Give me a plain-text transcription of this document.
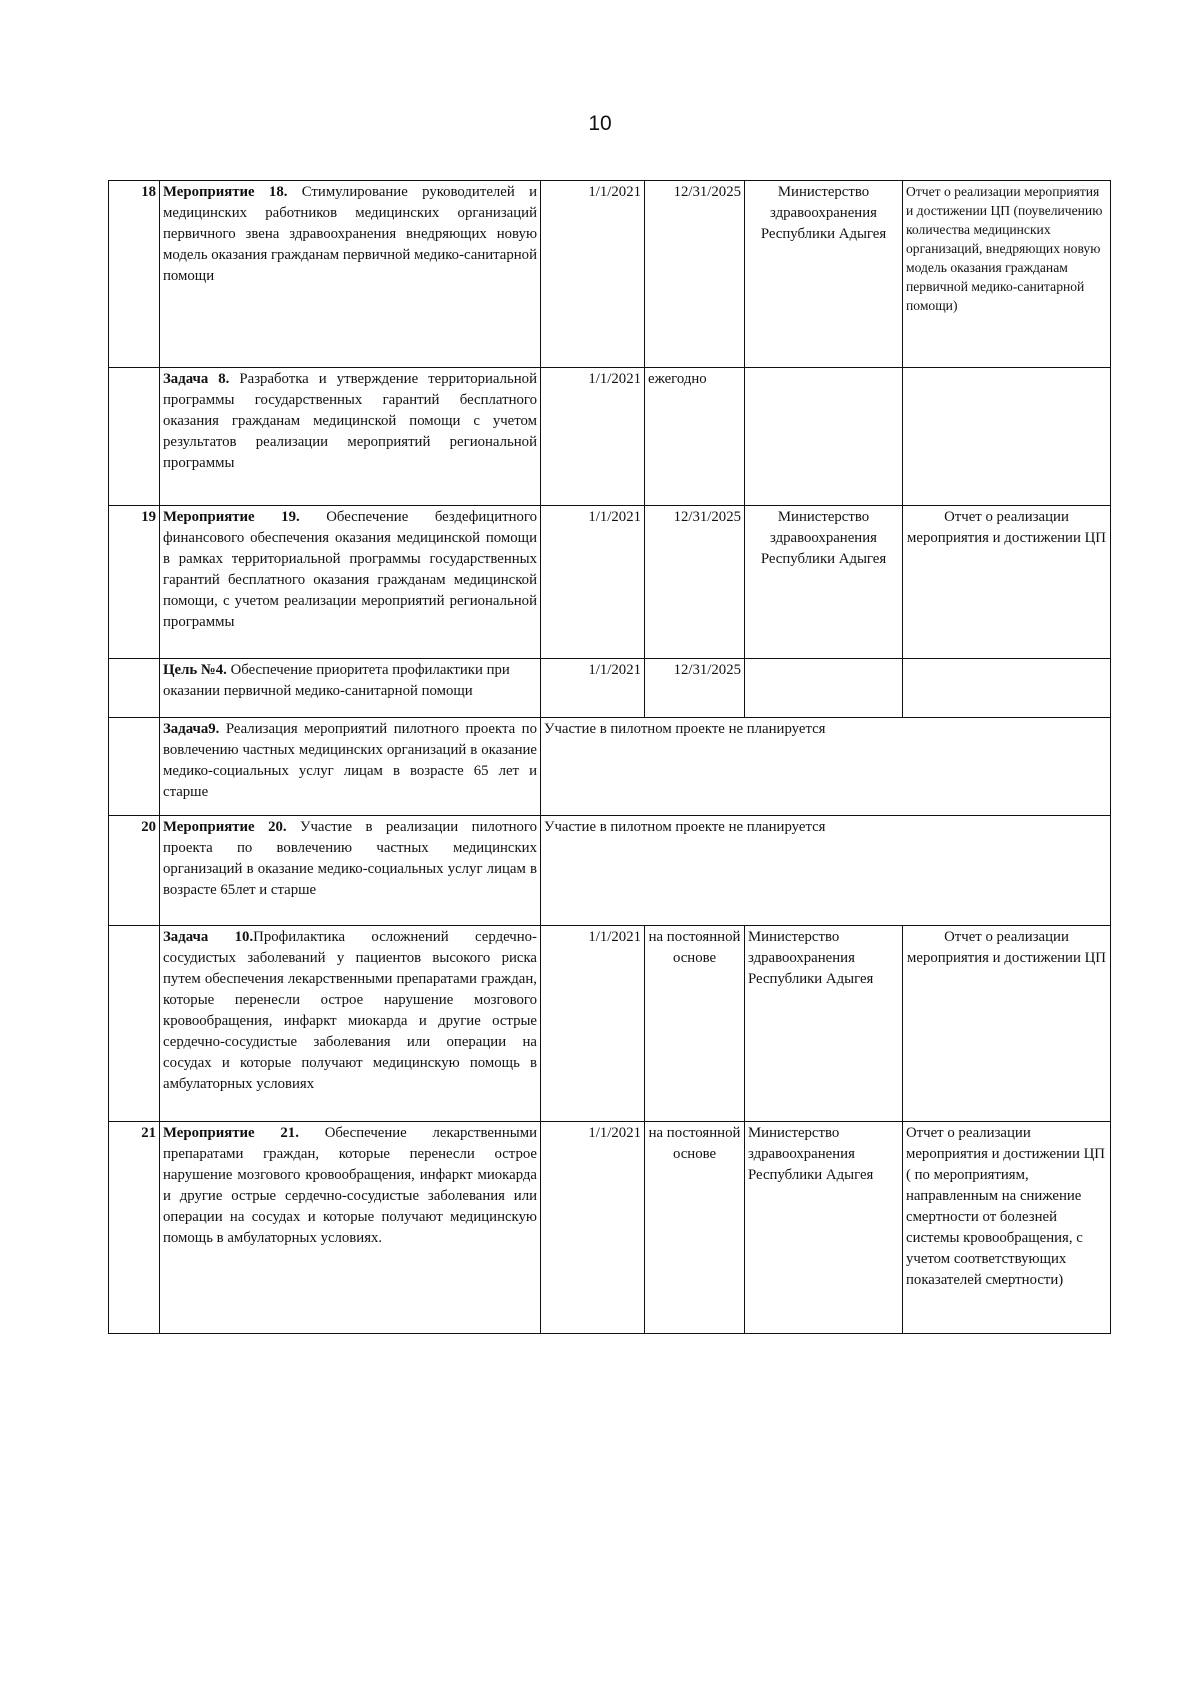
10
18	Мероприятие 18. Стимулирование руководителей и медицинских работников медицинских организаций первичного звена здравоохранения внедряющих новую модель оказания гражданам первичной медико-санитарной помощи	1/1/2021	12/31/2025	Министерство здравоохранения Республики Адыгея	Отчет о реализации мероприятия и достижении ЦП (поувеличению количества медицинских организаций, внедряющих новую модель оказания гражданам первичной медико-санитарной помощи)
	Задача 8. Разработка и утверждение территориальной программы государственных гарантий бесплатного оказания гражданам медицинской помощи с учетом результатов реализации мероприятий региональной программы	1/1/2021	ежегодно		
19	Мероприятие 19. Обеспечение бездефицитного финансового обеспечения оказания медицинской помощи в рамках территориальной программы государственных гарантий бесплатного оказания гражданам медицинской помощи, с учетом реализации мероприятий региональной программы	1/1/2021	12/31/2025	Министерство здравоохранения Республики Адыгея	Отчет о реализации мероприятия и достижении ЦП
	Цель №4. Обеспечение приоритета профилактики при оказании первичной медико-санитарной помощи	1/1/2021	12/31/2025		
	Задача9. Реализация мероприятий пилотного проекта по вовлечению частных медицинских организаций в оказание медико-социальных услуг лицам в возрасте 65 лет и старше	Участие в пилотном проекте не планируется			
20	Мероприятие 20. Участие в реализации пилотного проекта по вовлечению частных медицинских организаций в оказание медико-социальных услуг лицам в возрасте 65лет и старше	Участие в пилотном проекте не планируется			
	Задача 10.Профилактика осложнений сердечно-сосудистых заболеваний у пациентов высокого риска путем обеспечения лекарственными препаратами граждан, которые перенесли острое нарушение мозгового кровообращения, инфаркт миокарда и другие острые сердечно-сосудистые заболевания или операции на сосудах и которые получают медицинскую помощь в амбулаторных условиях	1/1/2021	на постоянной основе	Министерство здравоохранения Республики Адыгея	Отчет о реализации мероприятия и достижении ЦП
21	Мероприятие 21. Обеспечение лекарственными препаратами граждан, которые перенесли острое нарушение мозгового кровообращения, инфаркт миокарда и другие острые сердечно-сосудистые заболевания или операции на сосудах и которые получают медицинскую помощь в амбулаторных условиях.	1/1/2021	на постоянной основе	Министерство здравоохранения Республики Адыгея	Отчет о реализации мероприятия и достижении ЦП ( по мероприятиям, направленным на снижение смертности от болезней системы кровообращения, с учетом соответствующих показателей смертности)
